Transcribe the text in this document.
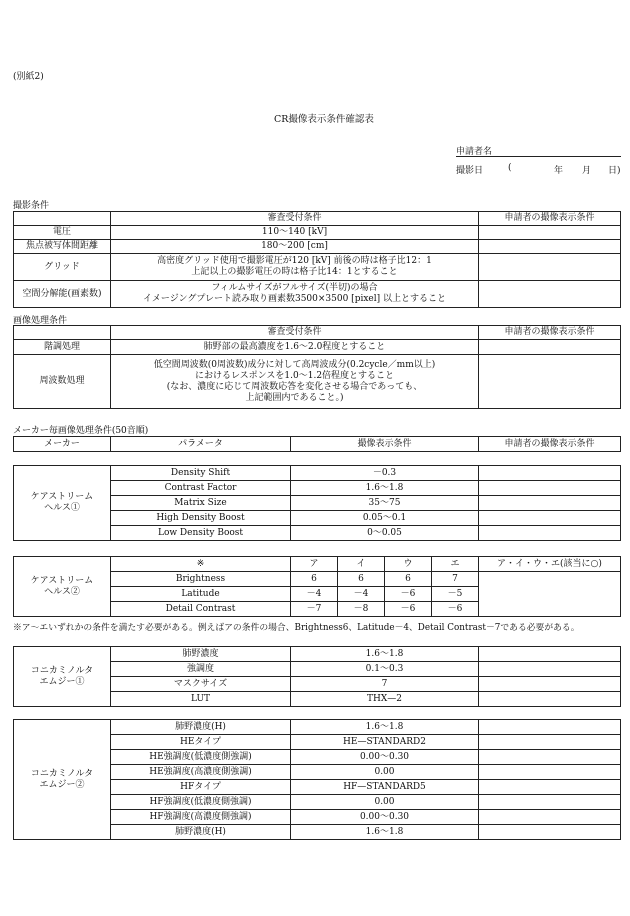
(別紙2)
CR撮像表示条件確認表
申請者名
撮影日	(	年 月 日)
撮影条件
	審査受付条件	申請者の撮像表示条件
電圧	110～140 [kV]	
焦点被写体間距離	180～200 [cm]	
グリッド	高密度グリッド使用で撮影電圧が120 [kV] 前後の時は格子比12：1
上記以上の撮影電圧の時は格子比14：1とすること	

空間分解能(画素数)	フィルムサイズがフルサイズ(半切)の場合
イメージングプレート読み取り画素数3500×3500 [pixel] 以上とすること	

画像処理条件
	審査受付条件	申請者の撮像表示条件
階調処理	肺野部の最高濃度を1.6～2.0程度とすること	
周波数処理	低空間周波数(0周波数)成分に対して高周波成分(0.2cycle／mm以上)
におけるレスポンスを1.0～1.2倍程度とすること
(なお、濃度に応じて周波数応答を変化させる場合であっても、
上記範囲内であること。)	

メーカー毎画像処理条件(50音順)
メーカー	パラメータ	撮像表示条件	申請者の撮像表示条件
ケアストリーム
ヘルス①	Density Shift	－0.3	
	Contrast Factor	1.6～1.8	
	Matrix Size	35～75	
	High Density Boost	0.05～0.1	
	Low Density Boost	0～0.05	
ケアストリーム
ヘルス②	※	ア	イ	ウ	エ	ア・イ・ウ・エ(該当に○)
	Brightness	6	6	6	7	
	Latitude	－4	－4	－6	－5	
	Detail Contrast	－7	－8	－6	－6	
※ア～エいずれかの条件を満たす必要がある。例えばアの条件の場合、Brightness6、Latitude－4、Detail Contrast－7である必要がある。
コニカミノルタ
エムジー①	肺野濃度	1.6～1.8	
	強調度	0.1～0.3	
	マスクサイズ	7	
	LUT	THX—2	
コニカミノルタ
エムジー②	肺野濃度(H)	1.6～1.8	
	HEタイプ	HE—STANDARD2	
	HE強調度(低濃度側強調)	0.00～0.30	
	HE強調度(高濃度側強調)	0.00	
	HFタイプ	HF—STANDARD5	
	HF強調度(低濃度側強調)	0.00	
	HF強調度(高濃度側強調)	0.00～0.30	
	肺野濃度(H)	1.6～1.8	
